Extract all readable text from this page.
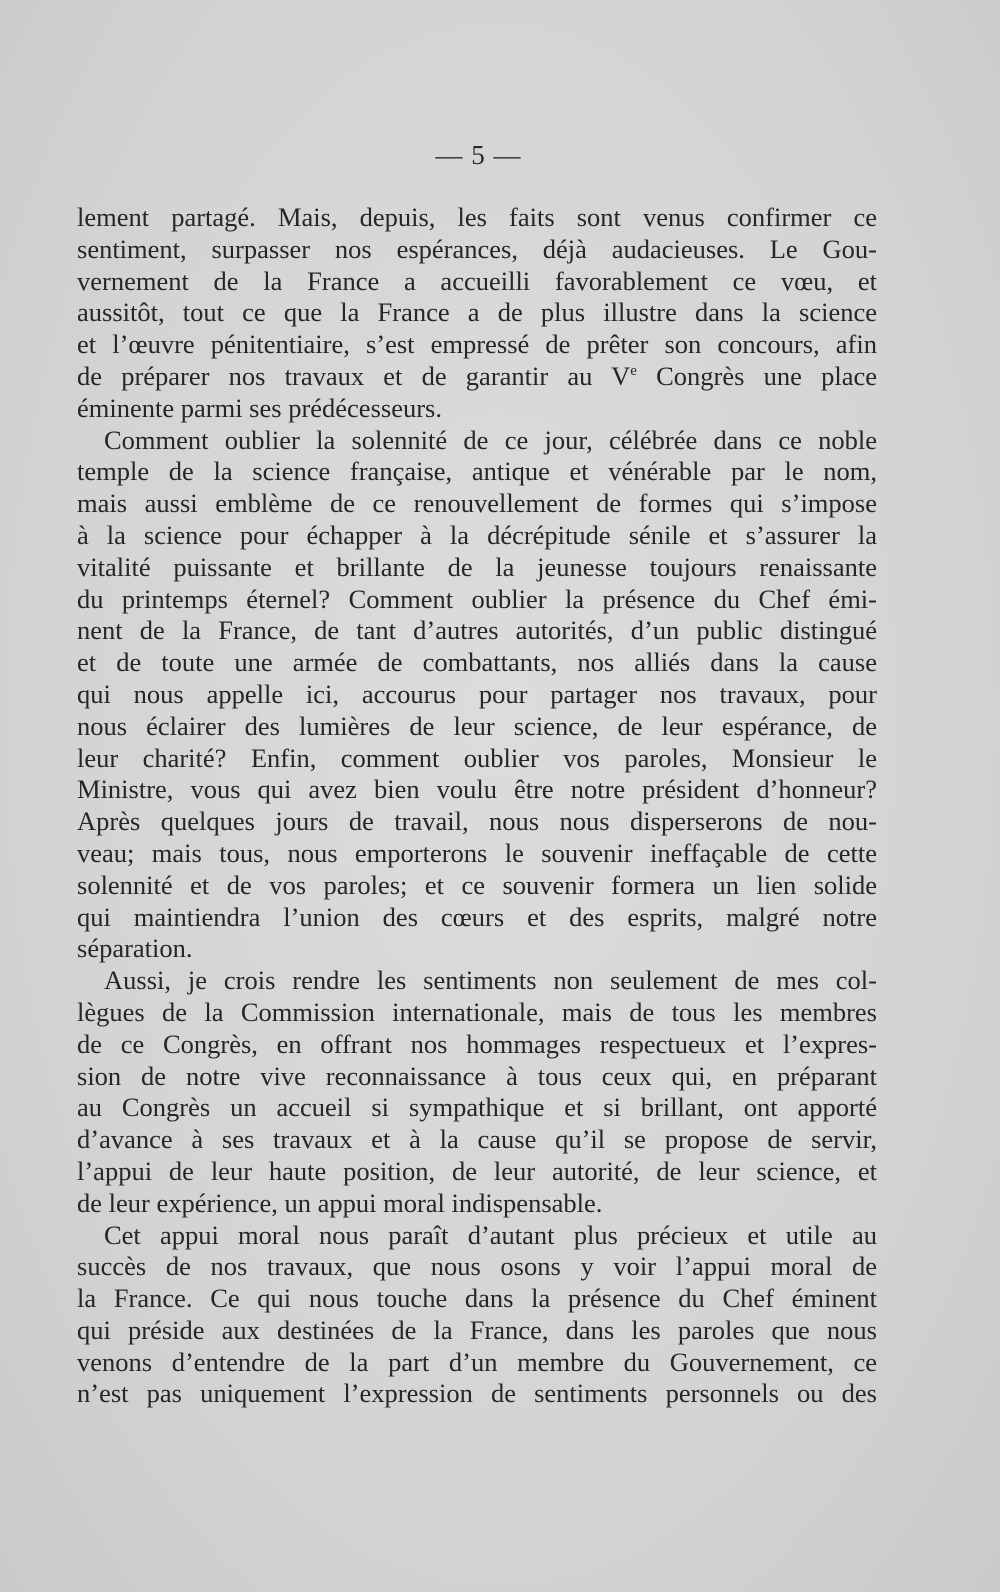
— 5 —
lement partagé. Mais, depuis, les faits sont venus confirmer ce
sentiment, surpasser nos espérances, déjà audacieuses. Le Gou-
vernement de la France a accueilli favorablement ce vœu, et
aussitôt, tout ce que la France a de plus illustre dans la science
et l’œuvre pénitentiaire, s’est empressé de prêter son concours, afin
de préparer nos travaux et de garantir au Ve Congrès une place
éminente parmi ses prédécesseurs.
Comment oublier la solennité de ce jour, célébrée dans ce noble
temple de la science française, antique et vénérable par le nom,
mais aussi emblème de ce renouvellement de formes qui s’impose
à la science pour échapper à la décrépitude sénile et s’assurer la
vitalité puissante et brillante de la jeunesse toujours renaissante
du printemps éternel? Comment oublier la présence du Chef émi-
nent de la France, de tant d’autres autorités, d’un public distingué
et de toute une armée de combattants, nos alliés dans la cause
qui nous appelle ici, accourus pour partager nos travaux, pour
nous éclairer des lumières de leur science, de leur espérance, de
leur charité? Enfin, comment oublier vos paroles, Monsieur le
Ministre, vous qui avez bien voulu être notre président d’honneur?
Après quelques jours de travail, nous nous disperserons de nou-
veau; mais tous, nous emporterons le souvenir ineffaçable de cette
solennité et de vos paroles; et ce souvenir formera un lien solide
qui maintiendra l’union des cœurs et des esprits, malgré notre
séparation.
Aussi, je crois rendre les sentiments non seulement de mes col-
lègues de la Commission internationale, mais de tous les membres
de ce Congrès, en offrant nos hommages respectueux et l’expres-
sion de notre vive reconnaissance à tous ceux qui, en préparant
au Congrès un accueil si sympathique et si brillant, ont apporté
d’avance à ses travaux et à la cause qu’il se propose de servir,
l’appui de leur haute position, de leur autorité, de leur science, et
de leur expérience, un appui moral indispensable.
Cet appui moral nous paraît d’autant plus précieux et utile au
succès de nos travaux, que nous osons y voir l’appui moral de
la France. Ce qui nous touche dans la présence du Chef éminent
qui préside aux destinées de la France, dans les paroles que nous
venons d’entendre de la part d’un membre du Gouvernement, ce
n’est pas uniquement l’expression de sentiments personnels ou des
